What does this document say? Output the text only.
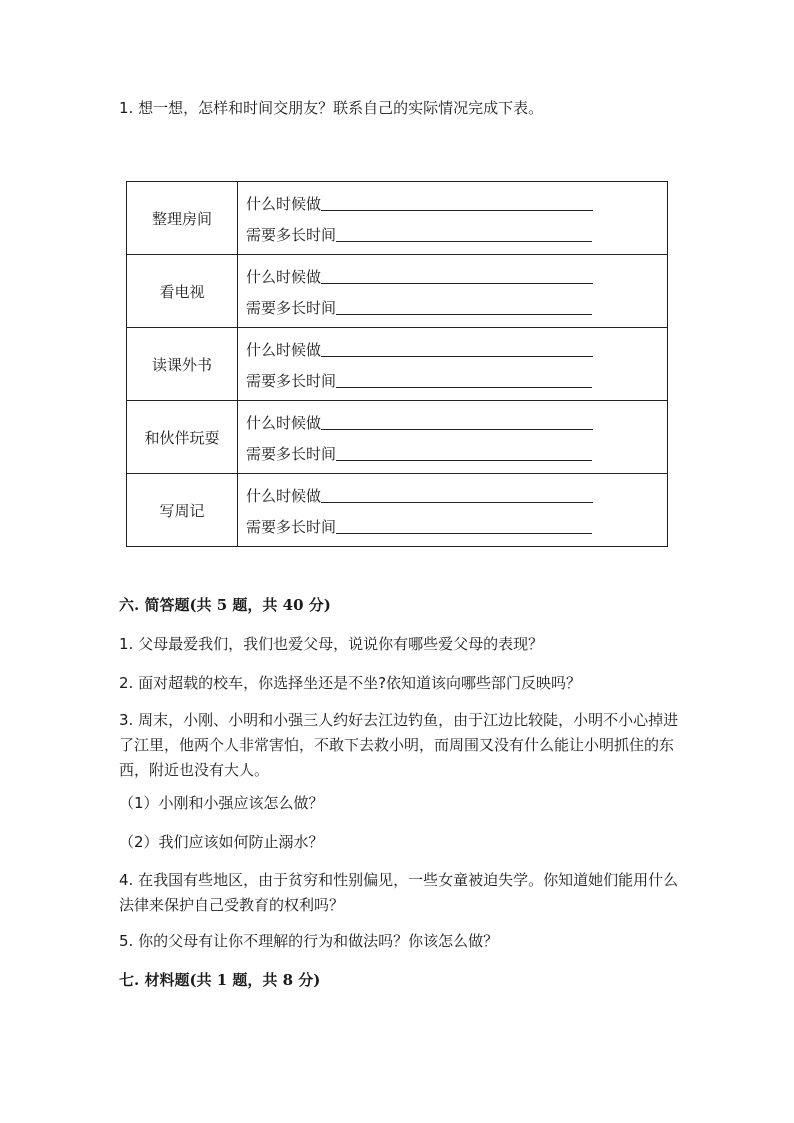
1. 想一想，怎样和时间交朋友？联系自己的实际情况完成下表。
整理房间	什么时候做
需要多长时间

看电视	什么时候做
需要多长时间

读课外书	什么时候做
需要多长时间

和伙伴玩耍	什么时候做
需要多长时间

写周记	什么时候做
需要多长时间
六. 简答题(共 5 题，共 40 分)
1. 父母最爱我们，我们也爱父母，说说你有哪些爱父母的表现？
2. 面对超载的校车，你选择坐还是不坐?依知道该向哪些部门反映吗？
3. 周末，小刚、小明和小强三人约好去江边钓鱼，由于江边比较陡，小明不小心掉进了江里，他两个人非常害怕，不敢下去救小明，而周围又没有什么能让小明抓住的东西，附近也没有大人。
（1）小刚和小强应该怎么做？
（2）我们应该如何防止溺水？
4. 在我国有些地区，由于贫穷和性别偏见，一些女童被迫失学。你知道她们能用什么法律来保护自己受教育的权利吗？
5. 你的父母有让你不理解的行为和做法吗？你该怎么做？
七. 材料题(共 1 题，共 8 分)
